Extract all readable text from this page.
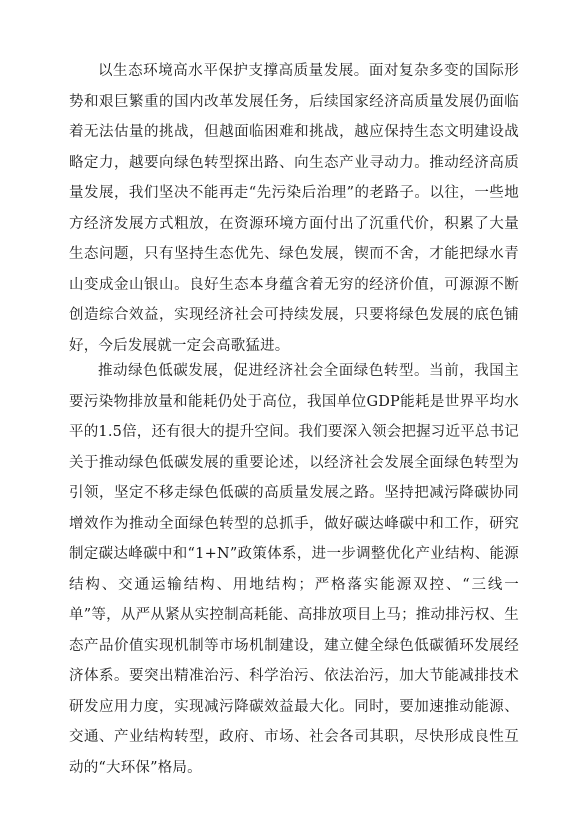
以生态环境高水平保护支撑高质量发展。面对复杂多变的国际形势和艰巨繁重的国内改革发展任务，后续国家经济高质量发展仍面临着无法估量的挑战，但越面临困难和挑战，越应保持生态文明建设战略定力，越要向绿色转型探出路、向生态产业寻动力。推动经济高质量发展，我们坚决不能再走“先污染后治理”的老路子。以往，一些地方经济发展方式粗放，在资源环境方面付出了沉重代价，积累了大量生态问题，只有坚持生态优先、绿色发展，锲而不舍，才能把绿水青山变成金山银山。良好生态本身蕴含着无穷的经济价值，可源源不断创造综合效益，实现经济社会可持续发展，只要将绿色发展的底色铺好，今后发展就一定会高歌猛进。

推动绿色低碳发展，促进经济社会全面绿色转型。当前，我国主要污染物排放量和能耗仍处于高位，我国单位GDP能耗是世界平均水平的1.5倍，还有很大的提升空间。我们要深入领会把握习近平总书记关于推动绿色低碳发展的重要论述，以经济社会发展全面绿色转型为引领，坚定不移走绿色低碳的高质量发展之路。坚持把减污降碳协同增效作为推动全面绿色转型的总抓手，做好碳达峰碳中和工作，研究制定碳达峰碳中和“1+N”政策体系，进一步调整优化产业结构、能源结构、交通运输结构、用地结构；严格落实能源双控、“三线一单”等，从严从紧从实控制高耗能、高排放项目上马；推动排污权、生态产品价值实现机制等市场机制建设，建立健全绿色低碳循环发展经济体系。要突出精准治污、科学治污、依法治污，加大节能减排技术研发应用力度，实现减污降碳效益最大化。同时，要加速推动能源、交通、产业结构转型，政府、市场、社会各司其职，尽快形成良性互动的“大环保”格局。
